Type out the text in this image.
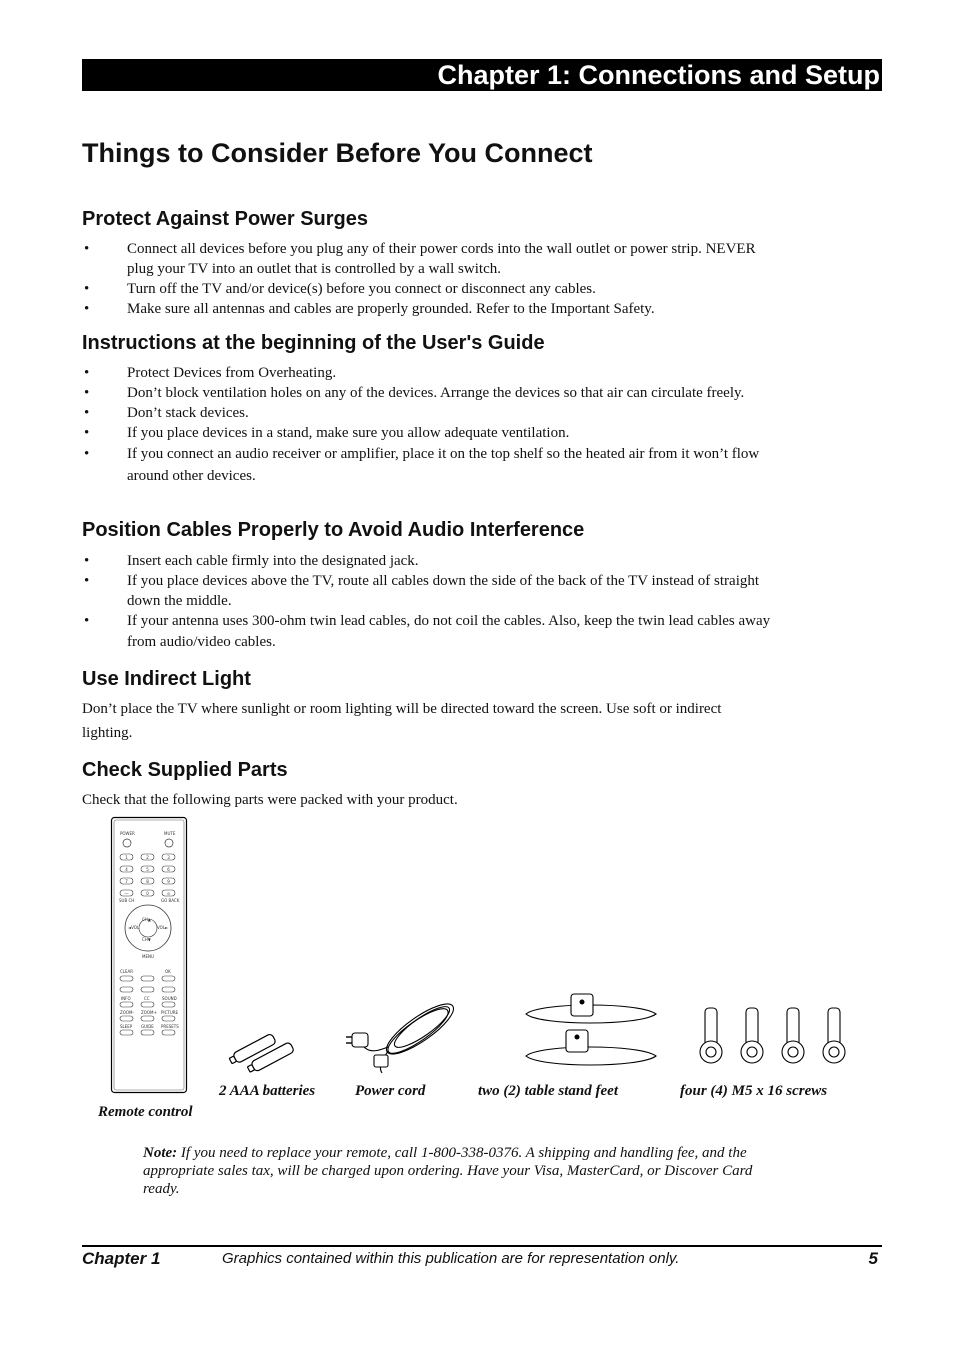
Chapter 1: Connections and Setup
Things to Consider Before You Connect
Protect Against Power Surges
•	Connect all devices before you plug any of their power cords into the wall outlet or power strip. NEVER plug your TV into an outlet that is controlled by a wall switch.
•	Turn off the TV and/or device(s) before you connect or disconnect any cables.
•	Make sure all antennas and cables are properly grounded. Refer to the Important Safety.
Instructions at the beginning of the User's Guide
•	Protect Devices from Overheating.
•	Don’t block ventilation holes on any of the devices. Arrange the devices so that air can circulate freely.
•	Don’t stack devices.
•	If you place devices in a stand, make sure you allow adequate ventilation.
•	If you connect an audio receiver or amplifier, place it on the top shelf so the heated air from it won’t flow around other devices.
Position Cables Properly to Avoid Audio Interference
•	Insert each cable firmly into the designated jack.
•	If you place devices above the TV, route all cables down the side of the back of the TV instead of straight down the middle.
•	If your antenna uses 300-ohm twin lead cables, do not coil the cables. Also, keep the twin lead cables away from audio/video cables.
Use Indirect Light

Don’t place the TV where sunlight or room lighting will be directed toward the screen. Use soft or indirect lighting.

Check Supplied Parts

Check that the following parts were packed with your product.

POWER	MUTE
1	2	3
4	5	6
7	8	9
—	0	⊙
SUB CH	GO BACK
CH▲
CH▼
◄VOL	VOL►
MENU
CLEAR	OK
INFO	CC	SOUND
ZOOM- ZOOM+ PICTURE
SLEEP GUIDE PRESETS
2 AAA batteries	Power cord	two (2) table stand feet	four (4) M5 x 16 screws
Remote control

Note: If you need to replace your remote, call 1-800-338-0376. A shipping and handling fee, and the appropriate sales tax, will be charged upon ordering. Have your Visa, MasterCard, or Discover Card ready.

Chapter 1	Graphics contained within this publication are for representation only.	5
